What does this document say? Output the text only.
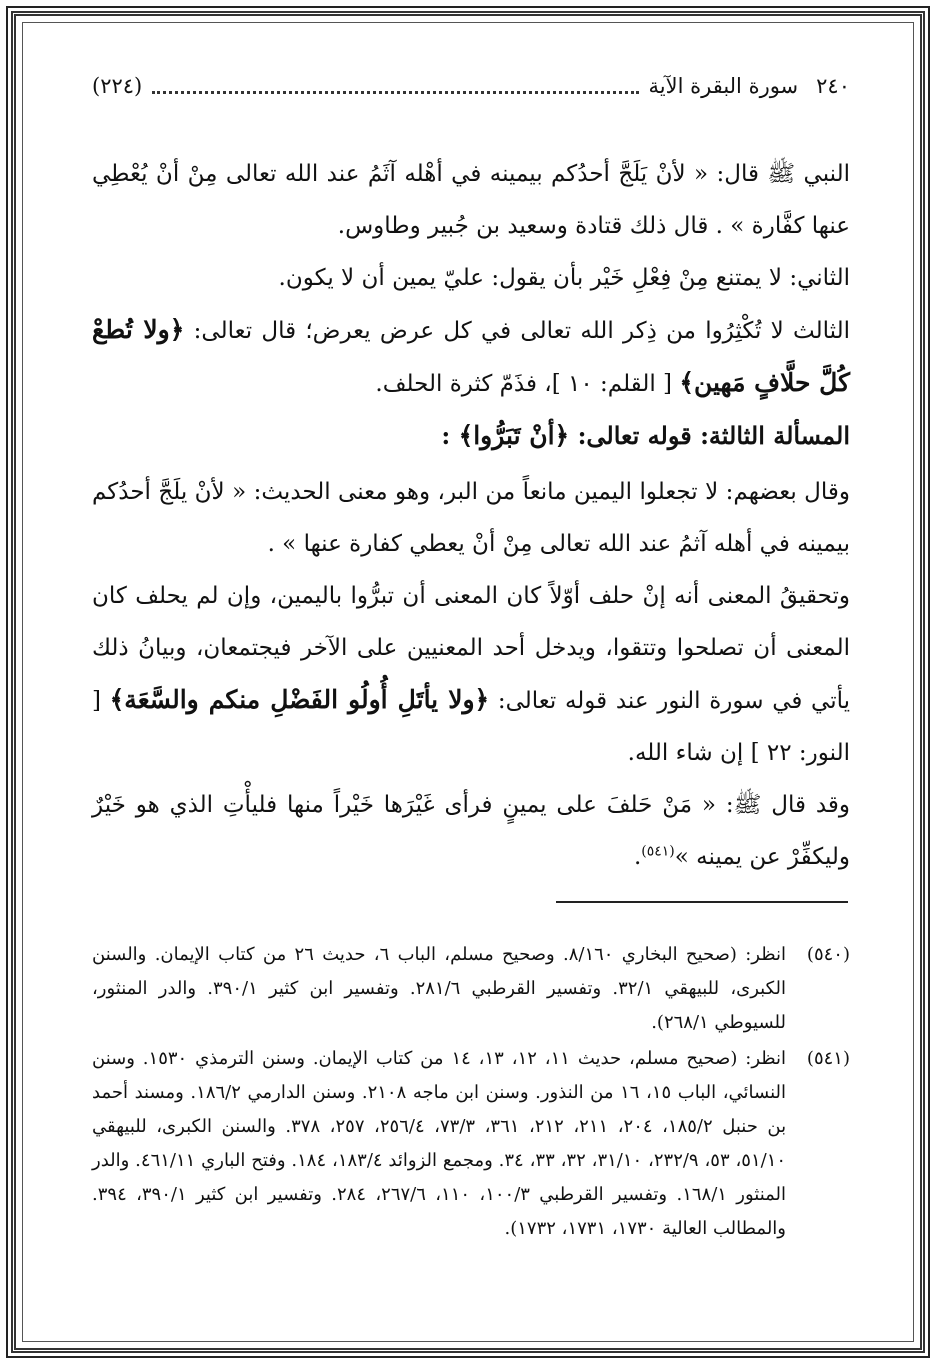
٢٤٠
سورة البقرة الآية
(٢٢٤)

النبي ﷺ قال: « لأنْ يَلَجَّ أحدُكم بيمينه في أهْله آثَمُ عند الله تعالى مِنْ أنْ يُعْطِي عنها كفَّارة » . قال ذلك قتادة وسعيد بن جُبير وطاوس.

الثاني: لا يمتنع مِنْ فِعْلِ خَيْر بأن يقول: عليّ يمين أن لا يكون.

الثالث لا تُكْثِرُوا من ذِكر الله تعالى في كل عرض يعرض؛ قال تعالى: ﴿ولا تُطعْ كُلَّ حلَّافٍ مَهين﴾ [ القلم: ١٠ ]، فذَمّ كثرة الحلف.

المسألة الثالثة: قوله تعالى: ﴿أنْ تَبَرُّوا﴾ :

وقال بعضهم: لا تجعلوا اليمين مانعاً من البر، وهو معنى الحديث: « لأنْ يلَجَّ أحدُكم بيمينه في أهله آثمُ عند الله تعالى مِنْ أنْ يعطي كفارة عنها » .

وتحقيقُ المعنى أنه إنْ حلف أوّلاً كان المعنى أن تبرُّوا باليمين، وإن لم يحلف كان المعنى أن تصلحوا وتتقوا، ويدخل أحد المعنيين على الآخر فيجتمعان، وبيانُ ذلك يأتي في سورة النور عند قوله تعالى: ﴿ولا يأتَلِ أُولُو الفَضْلِ منكم والسَّعَة﴾ [ النور: ٢٢ ] إن شاء الله.

وقد قال ﷺ: « مَنْ حَلفَ على يمينٍ فرأى غَيْرَها خَيْراً منها فليأْتِ الذي هو خَيْرٌ وليكفِّرْ عن يمينه »$^{(٥٤١)}$.

(٥٤٠)
انظر: (صحيح البخاري ٨/١٦٠. وصحيح مسلم، الباب ٦، حديث ٢٦ من كتاب الإيمان. والسنن الكبرى، للبيهقي ٣٢/١. وتفسير القرطبي ٢٨١/٦. وتفسير ابن كثير ٣٩٠/١. والدر المنثور، للسيوطي ٢٦٨/١).
(٥٤١)
انظر: (صحيح مسلم، حديث ١١، ١٢، ١٣، ١٤ من كتاب الإيمان. وسنن الترمذي ١٥٣٠. وسنن النسائي، الباب ١٥، ١٦ من النذور. وسنن ابن ماجه ٢١٠٨. وسنن الدارمي ١٨٦/٢. ومسند أحمد بن حنبل ١٨٥/٢، ٢٠٤، ٢١١، ٢١٢، ٣٦١، ٧٣/٣، ٢٥٦/٤، ٢٥٧، ٣٧٨. والسنن الكبرى، للبيهقي ٥١/١٠، ٥٣، ٢٣٢/٩، ٣١/١٠، ٣٢، ٣٣، ٣٤. ومجمع الزوائد ١٨٣/٤، ١٨٤. وفتح الباري ٤٦١/١١. والدر المنثور ١٦٨/١. وتفسير القرطبي ١٠٠/٣، ١١٠، ٢٦٧/٦، ٢٨٤. وتفسير ابن كثير ٣٩٠/١، ٣٩٤. والمطالب العالية ١٧٣٠، ١٧٣١، ١٧٣٢).
